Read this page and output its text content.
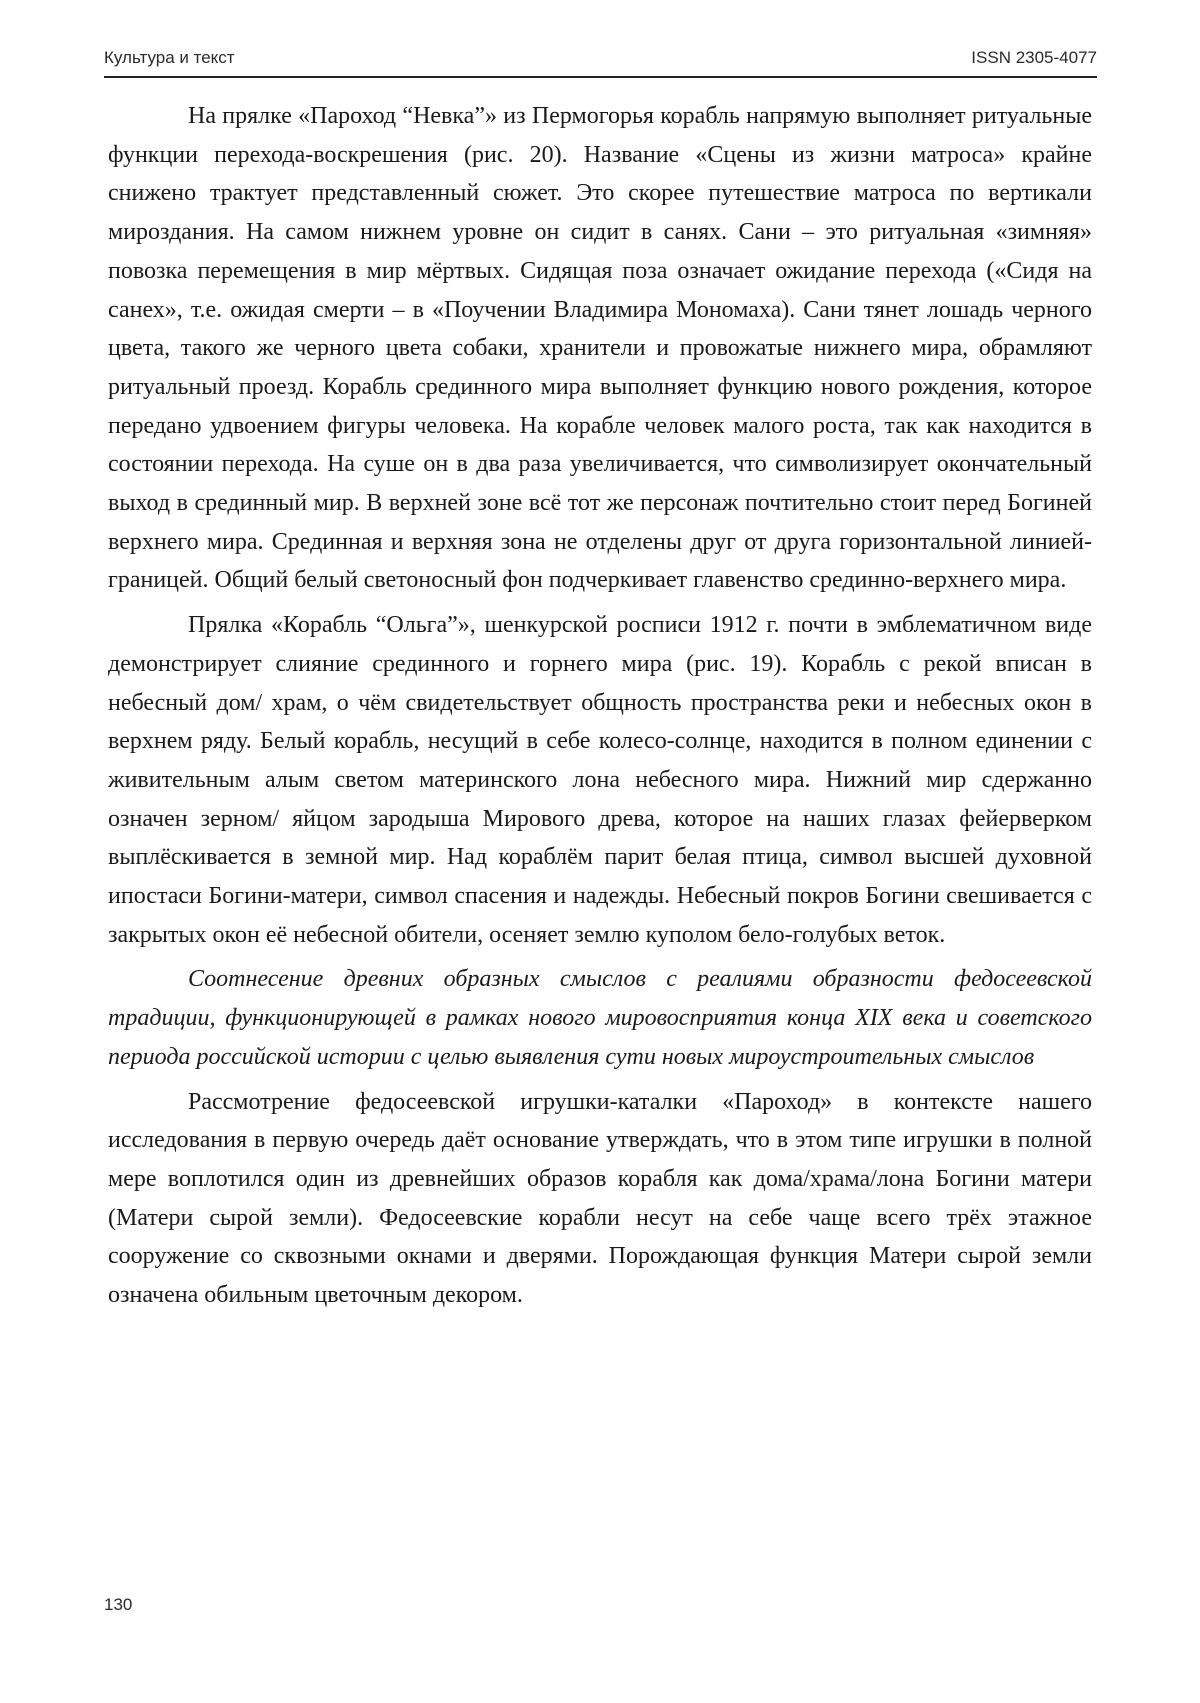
Культура и текст	ISSN 2305-4077

На прялке «Пароход “Невка”» из Пермогорья корабль напрямую выполняет ритуальные функции перехода-воскрешения (рис. 20). Название «Сцены из жизни матроса» крайне снижено трактует представленный сюжет. Это скорее путешествие матроса по вертикали мироздания. На самом нижнем уровне он сидит в санях. Сани – это ритуальная «зимняя» повозка перемещения в мир мёртвых. Сидящая поза означает ожидание перехода («Сидя на санех», т.е. ожидая смерти – в «Поучении Владимира Мономаха). Сани тянет лошадь черного цвета, такого же черного цвета собаки, хранители и провожатые нижнего мира, обрамляют ритуальный проезд. Корабль срединного мира выполняет функцию нового рождения, которое передано удвоением фигуры человека. На корабле человек малого роста, так как находится в состоянии перехода. На суше он в два раза увеличивается, что символизирует окончательный выход в срединный мир. В верхней зоне всё тот же персонаж почтительно стоит перед Богиней верхнего мира. Срединная и верхняя зона не отделены друг от друга горизонтальной линией-границей. Общий белый светоносный фон подчеркивает главенство срединно-верхнего мира.

Прялка «Корабль “Ольга”», шенкурской росписи 1912 г. почти в эмблематичном виде демонстрирует слияние срединного и горнего мира (рис. 19). Корабль с рекой вписан в небесный дом/ храм, о чём свидетельствует общность пространства реки и небесных окон в верхнем ряду. Белый корабль, несущий в себе колесо-солнце, находится в полном единении с живительным алым светом материнского лона небесного мира. Нижний мир сдержанно означен зерном/ яйцом зародыша Мирового древа, которое на наших глазах фейерверком выплёскивается в земной мир. Над кораблём парит белая птица, символ высшей духовной ипостаси Богини-матери, символ спасения и надежды. Небесный покров Богини свешивается с закрытых окон её небесной обители, осеняет землю куполом бело-голубых веток.

Соотнесение древних образных смыслов с реалиями образности федосеевской традиции, функционирующей в рамках нового мировосприятия конца XIX века и советского периода российской истории с целью выявления сути новых мироустроительных смыслов

Рассмотрение федосеевской игрушки-каталки «Пароход» в контексте нашего исследования в первую очередь даёт основание утверждать, что в этом типе игрушки в полной мере воплотился один из древнейших образов корабля как дома/храма/лона Богини матери (Матери сырой земли). Федосеевские корабли несут на себе чаще всего трёх этажное сооружение со сквозными окнами и дверями. Порождающая функция Матери сырой земли означена обильным цветочным декором.

130
